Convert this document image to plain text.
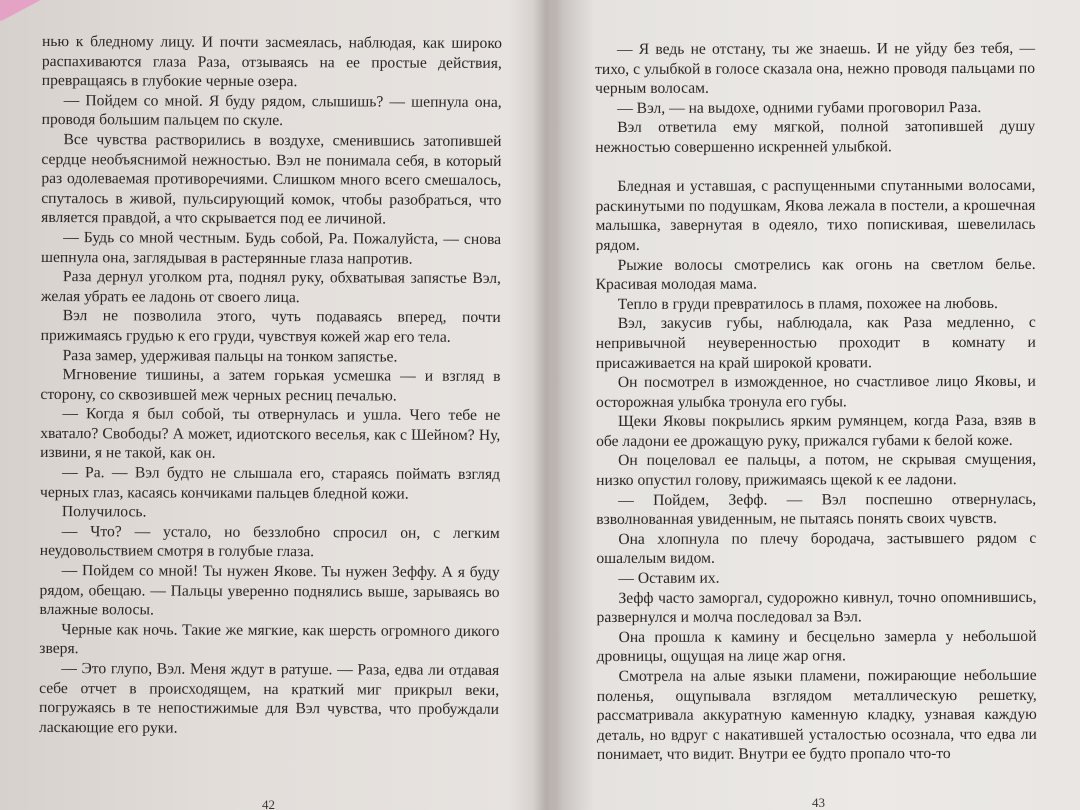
нью к бледному лицу. И почти засмеялась, наблюдая, как широко распахиваются глаза Раза, отзываясь на ее простые действия, превращаясь в глубокие черные озера.

— Пойдем со мной. Я буду рядом, слышишь? — шепнула она, проводя большим пальцем по скуле.

Все чувства растворились в воздухе, сменившись затопившей сердце необъяснимой нежностью. Вэл не понимала себя, в который раз одолеваемая противоречиями. Слишком много всего смешалось, спуталось в живой, пульсирующий комок, чтобы разобраться, что является правдой, а что скрывается под ее личиной.

— Будь со мной честным. Будь собой, Ра. Пожалуйста, — снова шепнула она, заглядывая в растерянные глаза напротив.

Раза дернул уголком рта, поднял руку, обхватывая запястье Вэл, желая убрать ее ладонь от своего лица.

Вэл не позволила этого, чуть подаваясь вперед, почти прижимаясь грудью к его груди, чувствуя кожей жар его тела.

Раза замер, удерживая пальцы на тонком запястье.

Мгновение тишины, а затем горькая усмешка — и взгляд в сторону, со сквозившей меж черных ресниц печалью.

— Когда я был собой, ты отвернулась и ушла. Чего тебе не хватало? Свободы? А может, идиотского веселья, как с Шейном? Ну, извини, я не такой, как он.

— Ра. — Вэл будто не слышала его, стараясь поймать взгляд черных глаз, касаясь кончиками пальцев бледной кожи.

Получилось.

— Что? — устало, но беззлобно спросил он, с легким неудовольствием смотря в голубые глаза.

— Пойдем со мной! Ты нужен Якове. Ты нужен Зеффу. А я буду рядом, обещаю. — Пальцы уверенно поднялись выше, зарываясь во влажные волосы.

Черные как ночь. Такие же мягкие, как шерсть огромного дикого зверя.

— Это глупо, Вэл. Меня ждут в ратуше. — Раза, едва ли отдавая себе отчет в происходящем, на краткий миг прикрыл веки, погружаясь в те непостижимые для Вэл чувства, что пробуждали ласкающие его руки.

42

— Я ведь не отстану, ты же знаешь. И не уйду без тебя, — тихо, с улыбкой в голосе сказала она, нежно проводя пальцами по черным волосам.

— Вэл, — на выдохе, одними губами проговорил Раза.

Вэл ответила ему мягкой, полной затопившей душу нежностью совершенно искренней улыбкой.

Бледная и уставшая, с распущенными спутанными волосами, раскинутыми по подушкам, Якова лежала в постели, а крошечная малышка, завернутая в одеяло, тихо попискивая, шевелилась рядом.

Рыжие волосы смотрелись как огонь на светлом белье. Красивая молодая мама.

Тепло в груди превратилось в пламя, похожее на любовь.

Вэл, закусив губы, наблюдала, как Раза медленно, с непривычной неуверенностью проходит в комнату и присаживается на край широкой кровати.

Он посмотрел в изможденное, но счастливое лицо Яковы, и осторожная улыбка тронула его губы.

Щеки Яковы покрылись ярким румянцем, когда Раза, взяв в обе ладони ее дрожащую руку, прижался губами к белой коже.

Он поцеловал ее пальцы, а потом, не скрывая смущения, низко опустил голову, прижимаясь щекой к ее ладони.

— Пойдем, Зефф. — Вэл поспешно отвернулась, взволнованная увиденным, не пытаясь понять своих чувств.

Она хлопнула по плечу бородача, застывшего рядом с ошалелым видом.

— Оставим их.

Зефф часто заморгал, судорожно кивнул, точно опомнившись, развернулся и молча последовал за Вэл.

Она прошла к камину и бесцельно замерла у небольшой дровницы, ощущая на лице жар огня.

Смотрела на алые языки пламени, пожирающие небольшие поленья, ощупывала взглядом металлическую решетку, рассматривала аккуратную каменную кладку, узнавая каждую деталь, но вдруг с накатившей усталостью осознала, что едва ли понимает, что видит. Внутри ее будто пропало что-то

43
